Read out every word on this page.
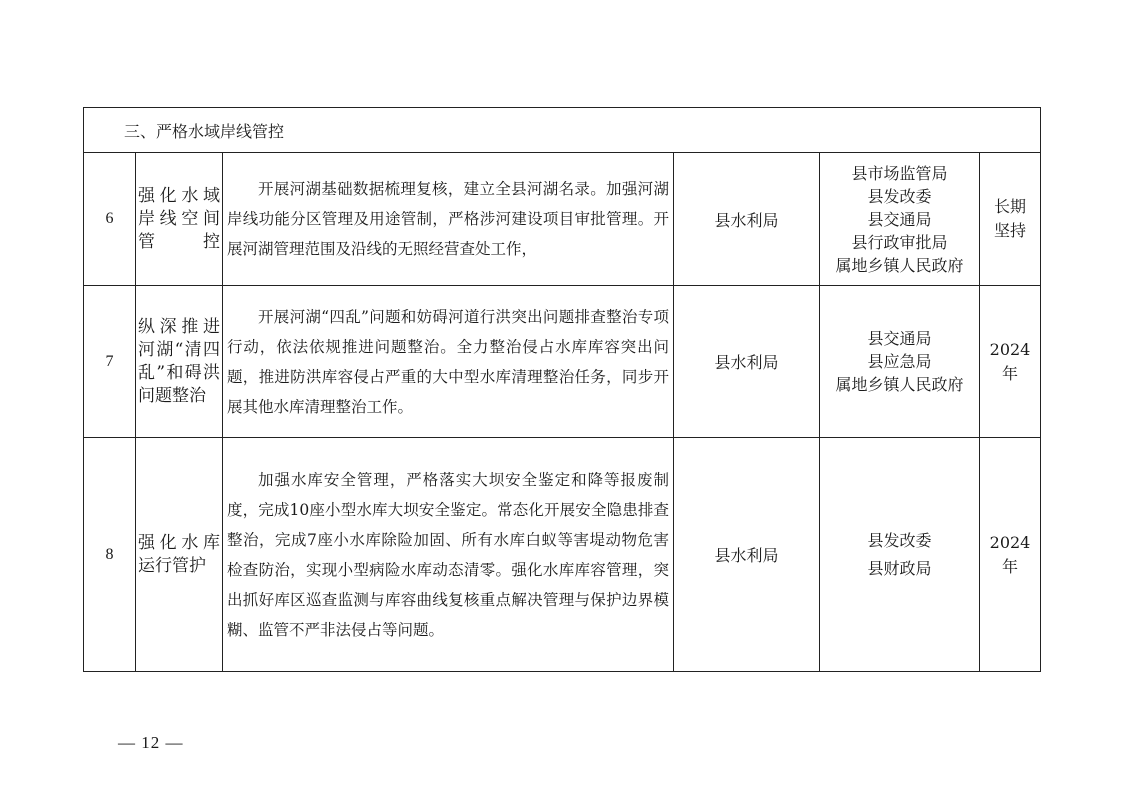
三、严格水域岸线管控					
6	强化水域岸线空间管控	开展河湖基础数据梳理复核，建立全县河湖名录。加强河湖岸线功能分区管理及用途管制，严格涉河建设项目审批管理。开展河湖管理范围及沿线的无照经营查处工作，	县水利局	县市场监管局
县发改委
县交通局
县行政审批局
属地乡镇人民政府	长期坚持

7	纵深推进河湖“清四乱”和碍洪问题整治	开展河湖“四乱”问题和妨碍河道行洪突出问题排查整治专项行动，依法依规推进问题整治。全力整治侵占水库库容突出问题，推进防洪库容侵占严重的大中型水库清理整治任务，同步开展其他水库清理整治工作。	县水利局	县交通局
县应急局
属地乡镇人民政府	2024年

8	强化水库运行管护	加强水库安全管理，严格落实大坝安全鉴定和降等报废制度，完成10座小型水库大坝安全鉴定。常态化开展安全隐患排查整治，完成7座小水库除险加固、所有水库白蚁等害堤动物危害检查防治，实现小型病险水库动态清零。强化水库库容管理，突出抓好库区巡查监测与库容曲线复核重点解决管理与保护边界模糊、监管不严非法侵占等问题。	县水利局	县发改委
县财政局	2024年
— 12 —
